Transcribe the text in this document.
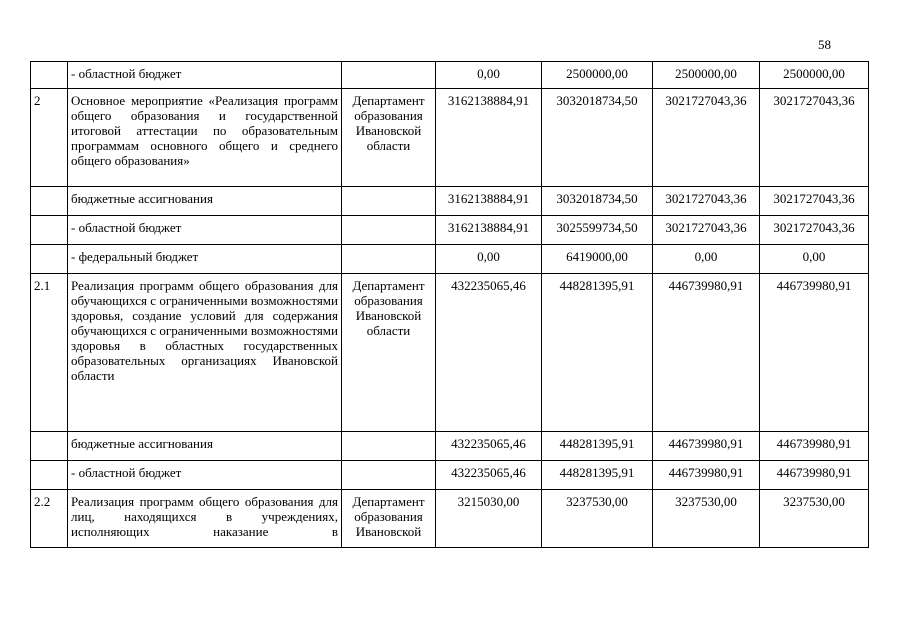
58
	- областной бюджет		0,00	2500000,00	2500000,00	2500000,00
2	Основное мероприятие «Реализация программ общего образования и государственной итоговой аттестации по образовательным программам основного общего и среднего общего образования»	Департамент образования Ивановской области	3162138884,91	3032018734,50	3021727043,36	3021727043,36
	бюджетные ассигнования		3162138884,91	3032018734,50	3021727043,36	3021727043,36
	- областной бюджет		3162138884,91	3025599734,50	3021727043,36	3021727043,36
	- федеральный бюджет		0,00	6419000,00	0,00	0,00
2.1	Реализация программ общего образования для обучающихся с ограниченными возможностями здоровья, создание условий для содержания обучающихся с ограниченными возможностями здоровья в областных государственных образовательных организациях Ивановской области	Департамент образования Ивановской области	432235065,46	448281395,91	446739980,91	446739980,91
	бюджетные ассигнования		432235065,46	448281395,91	446739980,91	446739980,91
	- областной бюджет		432235065,46	448281395,91	446739980,91	446739980,91
2.2	Реализация программ общего образования для лиц, находящихся в учреждениях, исполняющих наказание в	Департамент образования Ивановской	3215030,00	3237530,00	3237530,00	3237530,00
